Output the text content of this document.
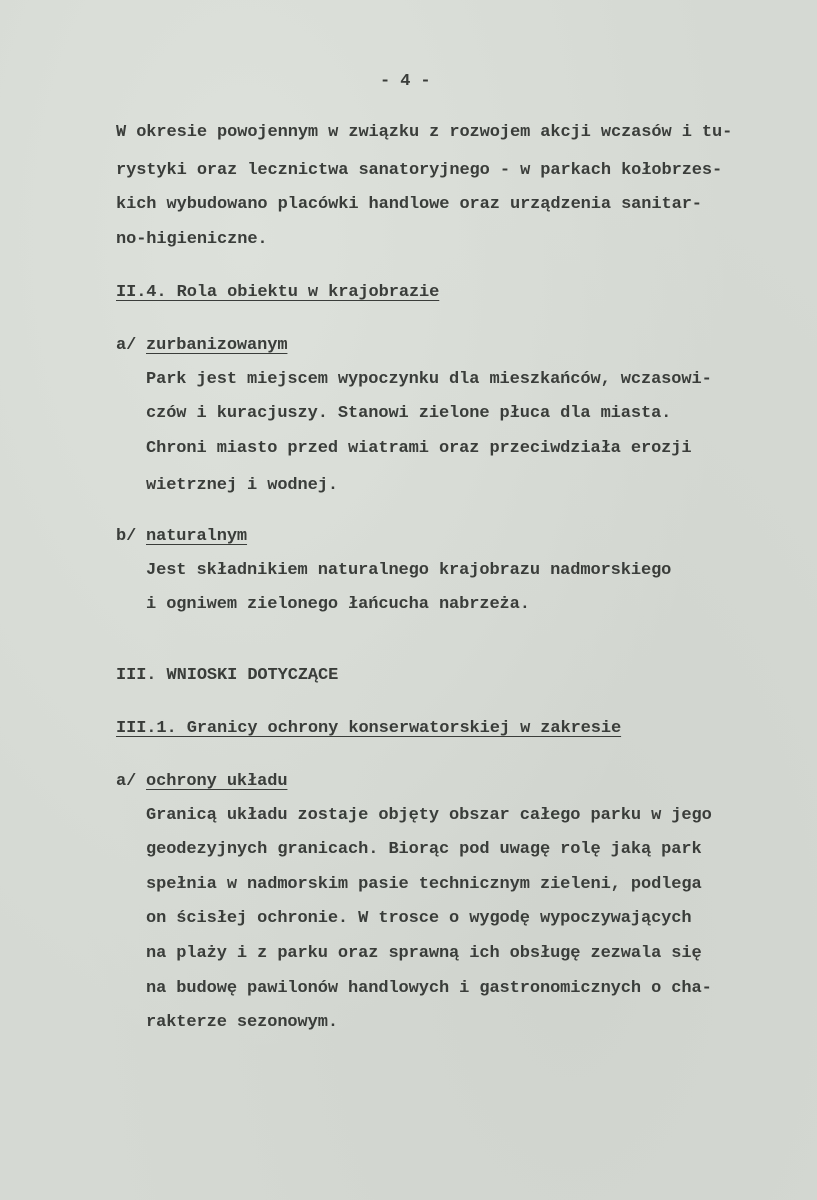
- 4 -
W okresie powojennym w związku z rozwojem akcji wczasów i tu-
rystyki oraz lecznictwa sanatoryjnego - w parkach kołobrzes-
kich wybudowano placówki handlowe oraz urządzenia sanitar-
no-higieniczne.
II.4. Rola obiektu w krajobrazie
a/ zurbanizowanym
Park jest miejscem wypoczynku dla mieszkańców, wczasowi-
czów i kuracjuszy. Stanowi zielone płuca dla miasta.
Chroni miasto przed wiatrami oraz przeciwdziała erozji
wietrznej i wodnej.
b/ naturalnym
Jest składnikiem naturalnego krajobrazu nadmorskiego
i ogniwem zielonego łańcucha nabrzeża.
III. WNIOSKI DOTYCZĄCE
III.1. Granicy ochrony konserwatorskiej w zakresie
a/ ochrony układu
Granicą układu zostaje objęty obszar całego parku w jego
geodezyjnych granicach. Biorąc pod uwagę rolę jaką park
spełnia w nadmorskim pasie technicznym zieleni, podlega
on ścisłej ochronie. W trosce o wygodę wypoczywających
na plaży i z parku oraz sprawną ich obsługę zezwala się
na budowę pawilonów handlowych i gastronomicznych o cha-
rakterze sezonowym.
